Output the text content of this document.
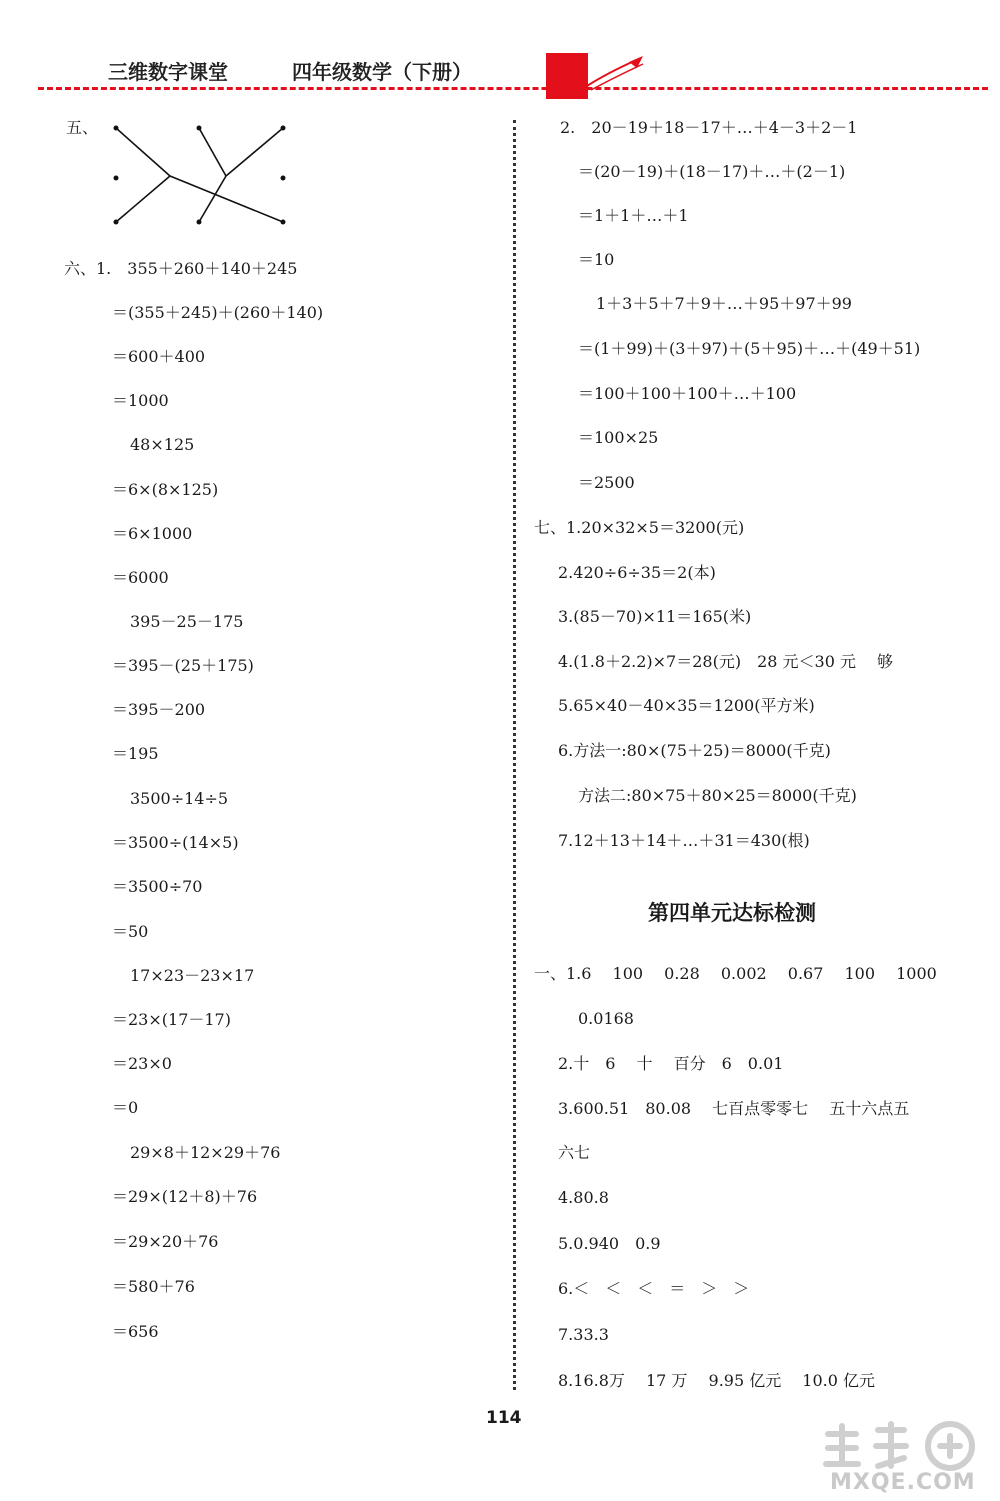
三维数字课堂	四年级数学（下册）
五、
六、1.　355＋260＋140＋245
＝(355＋245)＋(260＋140)
＝600＋400
＝1000
48×125
＝6×(8×125)
＝6×1000
＝6000
395－25－175
＝395－(25＋175)
＝395－200
＝195
3500÷14÷5
＝3500÷(14×5)
＝3500÷70
＝50
17×23－23×17
＝23×(17－17)
＝23×0
＝0
29×8＋12×29＋76
＝29×(12＋8)＋76
＝29×20＋76
＝580＋76
＝656
2.　20－19＋18－17＋…＋4－3＋2－1
＝(20－19)＋(18－17)＋…＋(2－1)
＝1＋1＋…＋1
＝10
1＋3＋5＋7＋9＋…＋95＋97＋99
＝(1＋99)＋(3＋97)＋(5＋95)＋…＋(49＋51)
＝100＋100＋100＋…＋100
＝100×25
＝2500
七、1.20×32×5＝3200(元)
2.420÷6÷35＝2(本)
3.(85－70)×11＝165(米)
4.(1.8＋2.2)×7＝28(元)　28 元＜30 元　 够
5.65×40－40×35＝1200(平方米)
6.方法一:80×(75＋25)＝8000(千克)
方法二:80×75＋80×25＝8000(千克)
7.12＋13＋14＋…＋31＝430(根)
第四单元达标检测
一、1.6　 100　 0.28　 0.002　 0.67　 100　 1000
0.0168
2.十　6　 十　 百分　6　0.01
3.600.51　80.08　 七百点零零七　 五十六点五
六七
4.80.8
5.0.940　0.9
6.＜　＜　＜　＝　＞　＞
7.33.3
8.16.8万　 17 万　 9.95 亿元　 10.0 亿元
114
MXQE.COM
